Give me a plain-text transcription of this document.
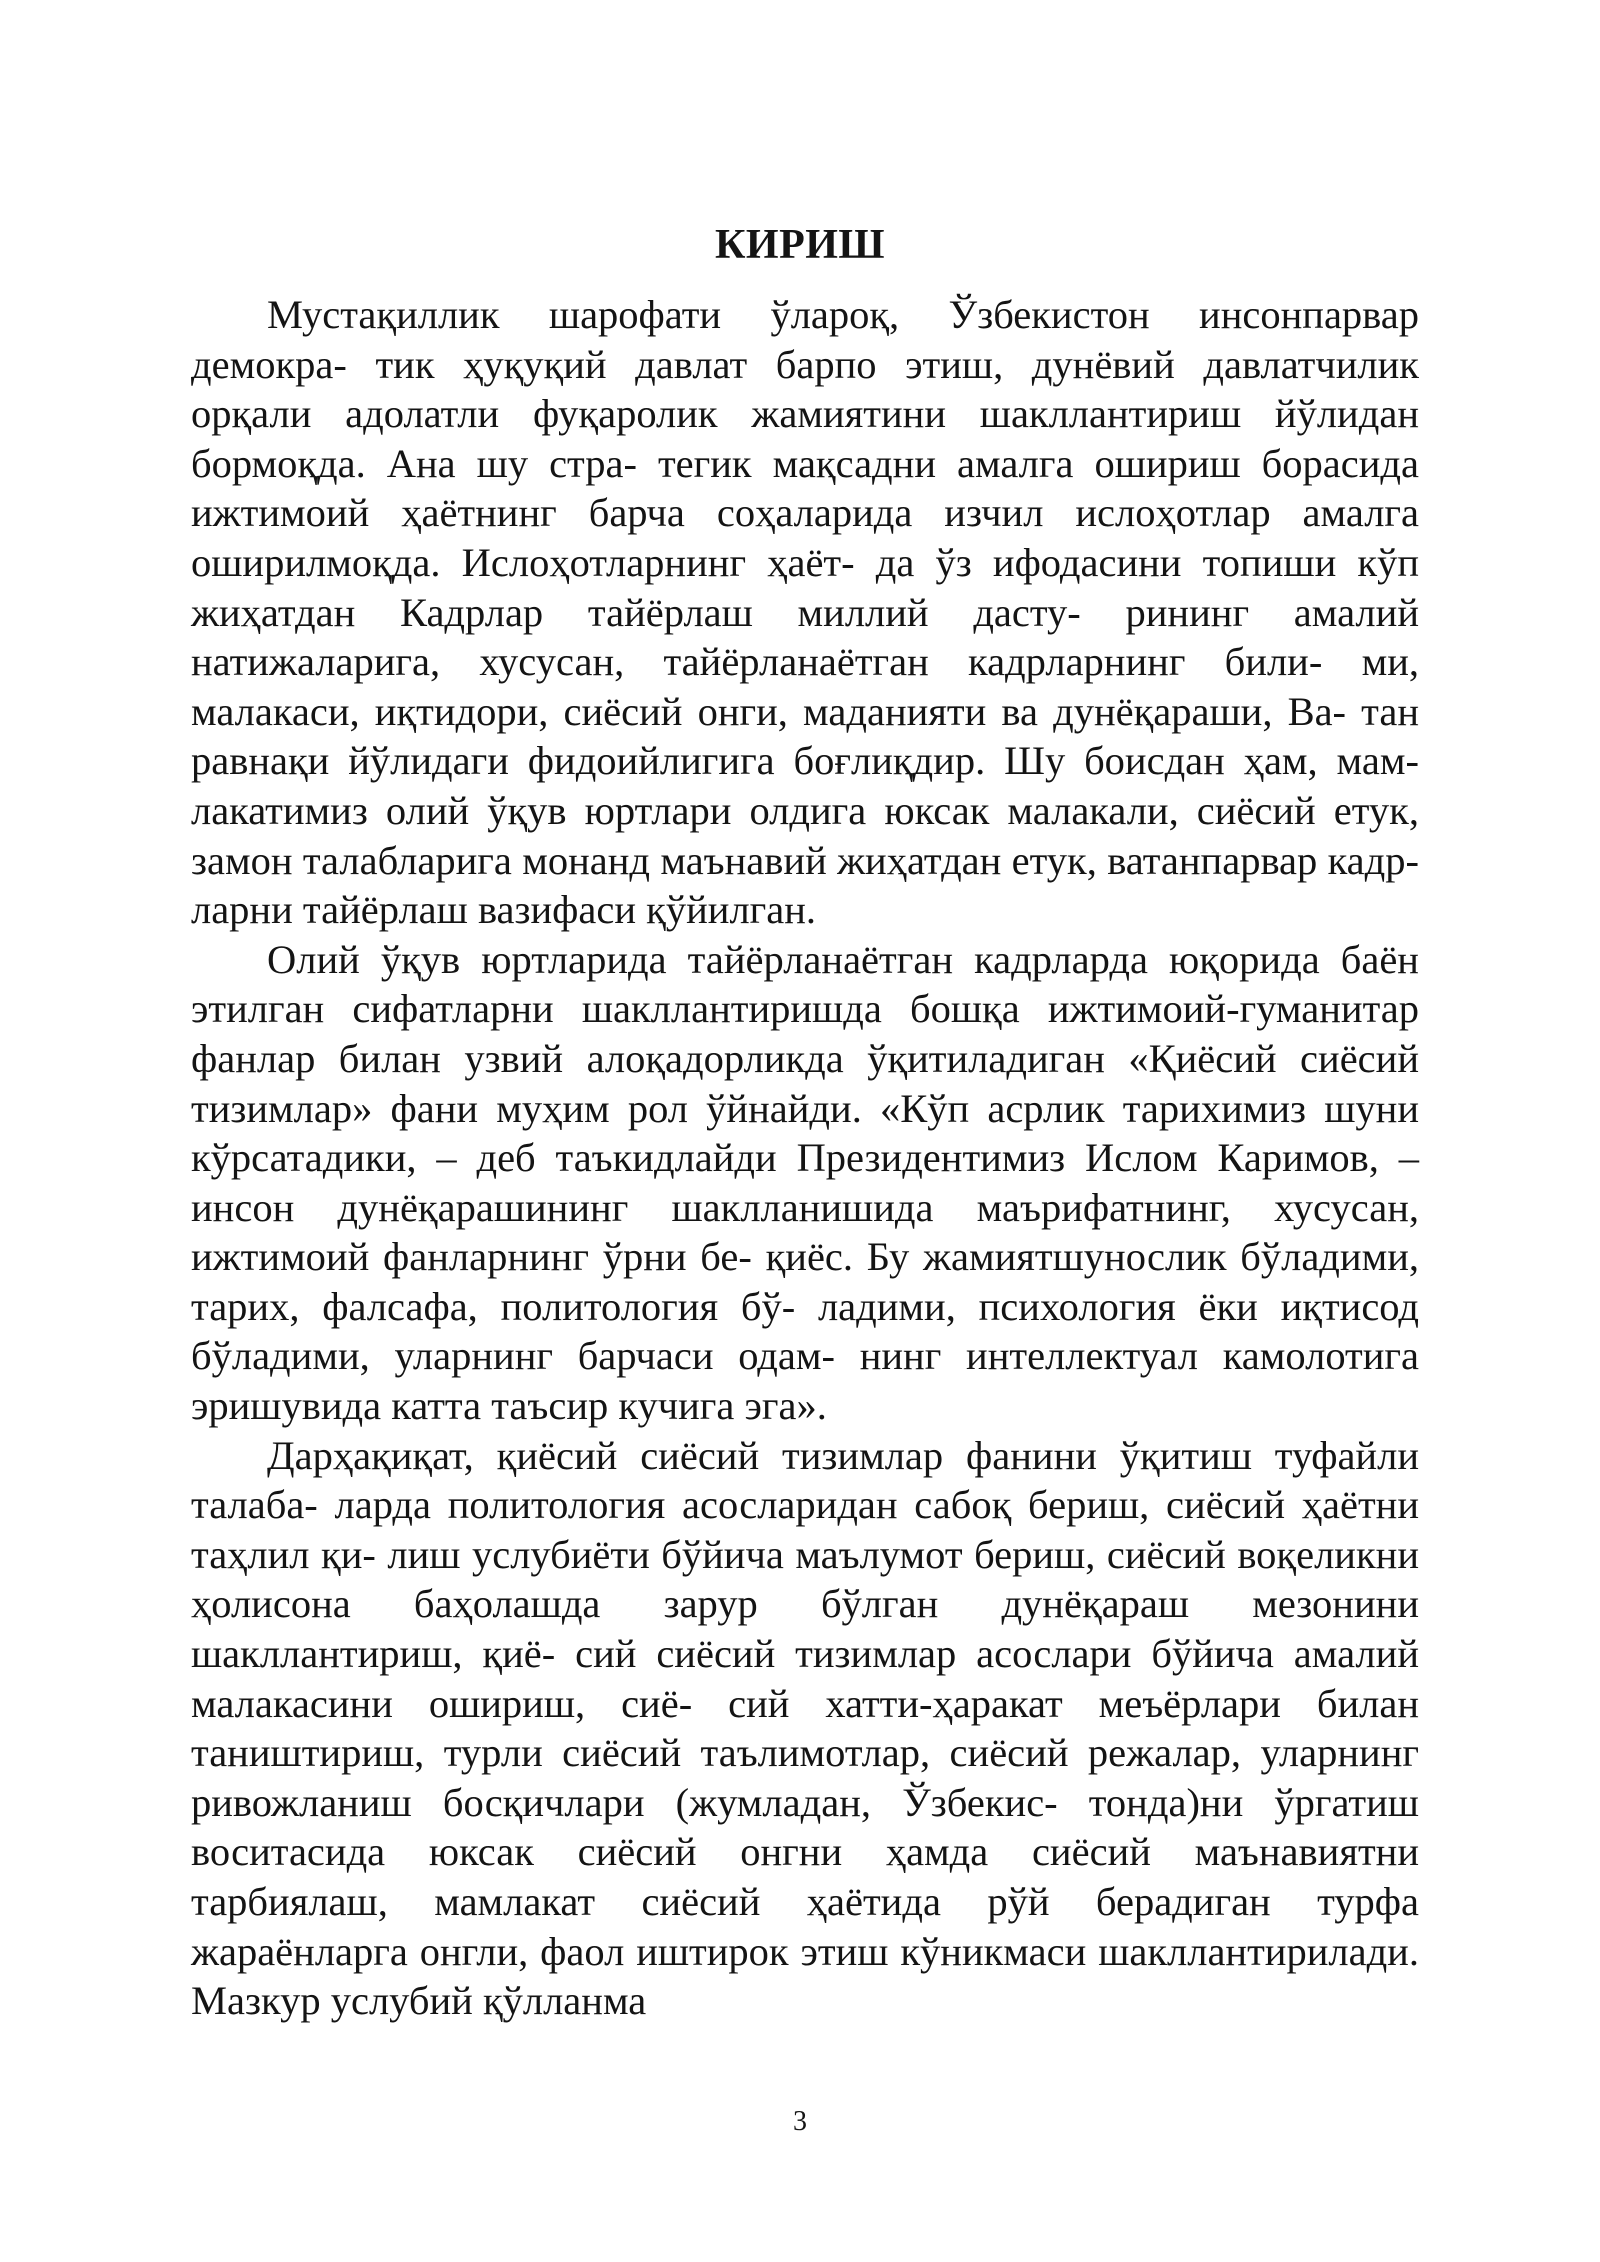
КИРИШ

Мустақиллик шарофати ўлароқ, Ўзбекистон инсонпарвар демокра- тик ҳуқуқий давлат барпо этиш, дунёвий давлатчилик орқали адолатли фуқаролик жамиятини шакллантириш йўлидан бормоқда. Ана шу стра- тегик мақсадни амалга ошириш борасида ижтимоий ҳаётнинг барча соҳаларида изчил ислоҳотлар амалга оширилмоқда. Ислоҳотларнинг ҳаёт- да ўз ифодасини топиши кўп жиҳатдан Кадрлар тайёрлаш миллий дасту- рининг амалий натижаларига, хусусан, тайёрланаётган кадрларнинг били- ми, малакаси, иқтидори, сиёсий онги, маданияти ва дунёқараши, Ва- тан равнақи йўлидаги фидоийлигига боғлиқдир. Шу боисдан ҳам, мам- лакатимиз олий ўқув юртлари олдига юксак малакали, сиёсий етук, замон талабларига монанд маънавий жиҳатдан етук, ватанпарвар кадр- ларни тайёрлаш вазифаси қўйилган.

Олий ўқув юртларида тайёрланаётган кадрларда юқорида баён этилган сифатларни шакллантиришда бошқа ижтимоий-гуманитар фанлар билан узвий алоқадорликда ўқитиладиган «Қиёсий сиёсий тизимлар» фани муҳим рол ўйнайди. «Кўп асрлик тарихимиз шуни кўрсатадики, – деб таъкидлайди Президентимиз Ислом Каримов, – инсон дунёқарашининг шаклланишида маърифатнинг, хусусан, ижтимоий фанларнинг ўрни бе- қиёс. Бу жамиятшунослик бўладими, тарих, фалсафа, политология бў- ладими, психология ёки иқтисод бўладими, уларнинг барчаси одам- нинг интеллектуал камолотига эришувида катта таъсир кучига эга».

Дарҳақиқат, қиёсий сиёсий тизимлар фанини ўқитиш туфайли талаба- ларда политология асосларидан сабоқ бериш, сиёсий ҳаётни таҳлил қи- лиш услубиёти бўйича маълумот бериш, сиёсий воқеликни ҳолисона баҳолашда зарур бўлган дунёқараш мезонини шакллантириш, қиё- сий сиёсий тизимлар асослари бўйича амалий малакасини ошириш, сиё- сий хатти-ҳаракат меъёрлари билан таништириш, турли сиёсий таълимотлар, сиёсий режалар, уларнинг ривожланиш босқичлари (жумладан, Ўзбекис- тонда)ни ўргатиш воситасида юксак сиёсий онгни ҳамда сиёсий маънавиятни тарбиялаш, мамлакат сиёсий ҳаётида рўй берадиган турфа жараёнларга онгли, фаол иштирок этиш кўникмаси шакллантирилади. Мазкур услубий қўлланма

3
